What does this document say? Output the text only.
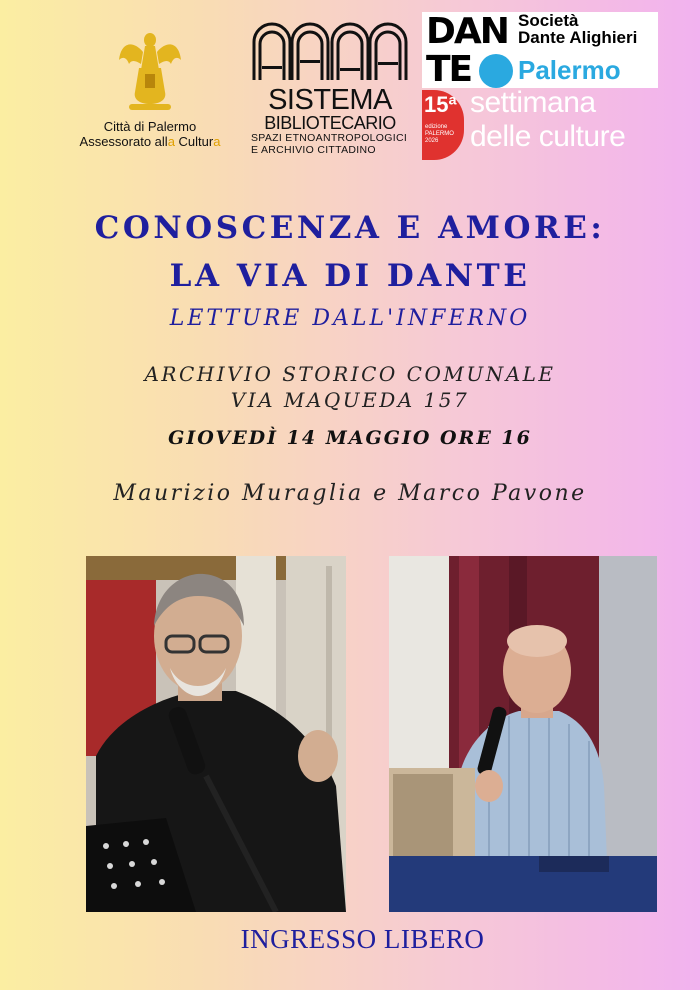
Città di Palermo
Assessorato alla Cultura
SISTEMA
BIBLIOTECARIO
SPAZI ETNOANTROPOLOGICI
E ARCHIVIO CITTADINO
DAN
TE
Società
Dante Alighieri
Palermo
15ª
edizione
PALERMO
2026
settimana
delle culture
CONOSCENZA E AMORE:
LA VIA DI DANTE
LETTURE DALL'INFERNO
ARCHIVIO STORICO COMUNALE
VIA MAQUEDA 157
GIOVEDÌ 14 MAGGIO ORE 16
Maurizio Muraglia e Marco Pavone
INGRESSO LIBERO
